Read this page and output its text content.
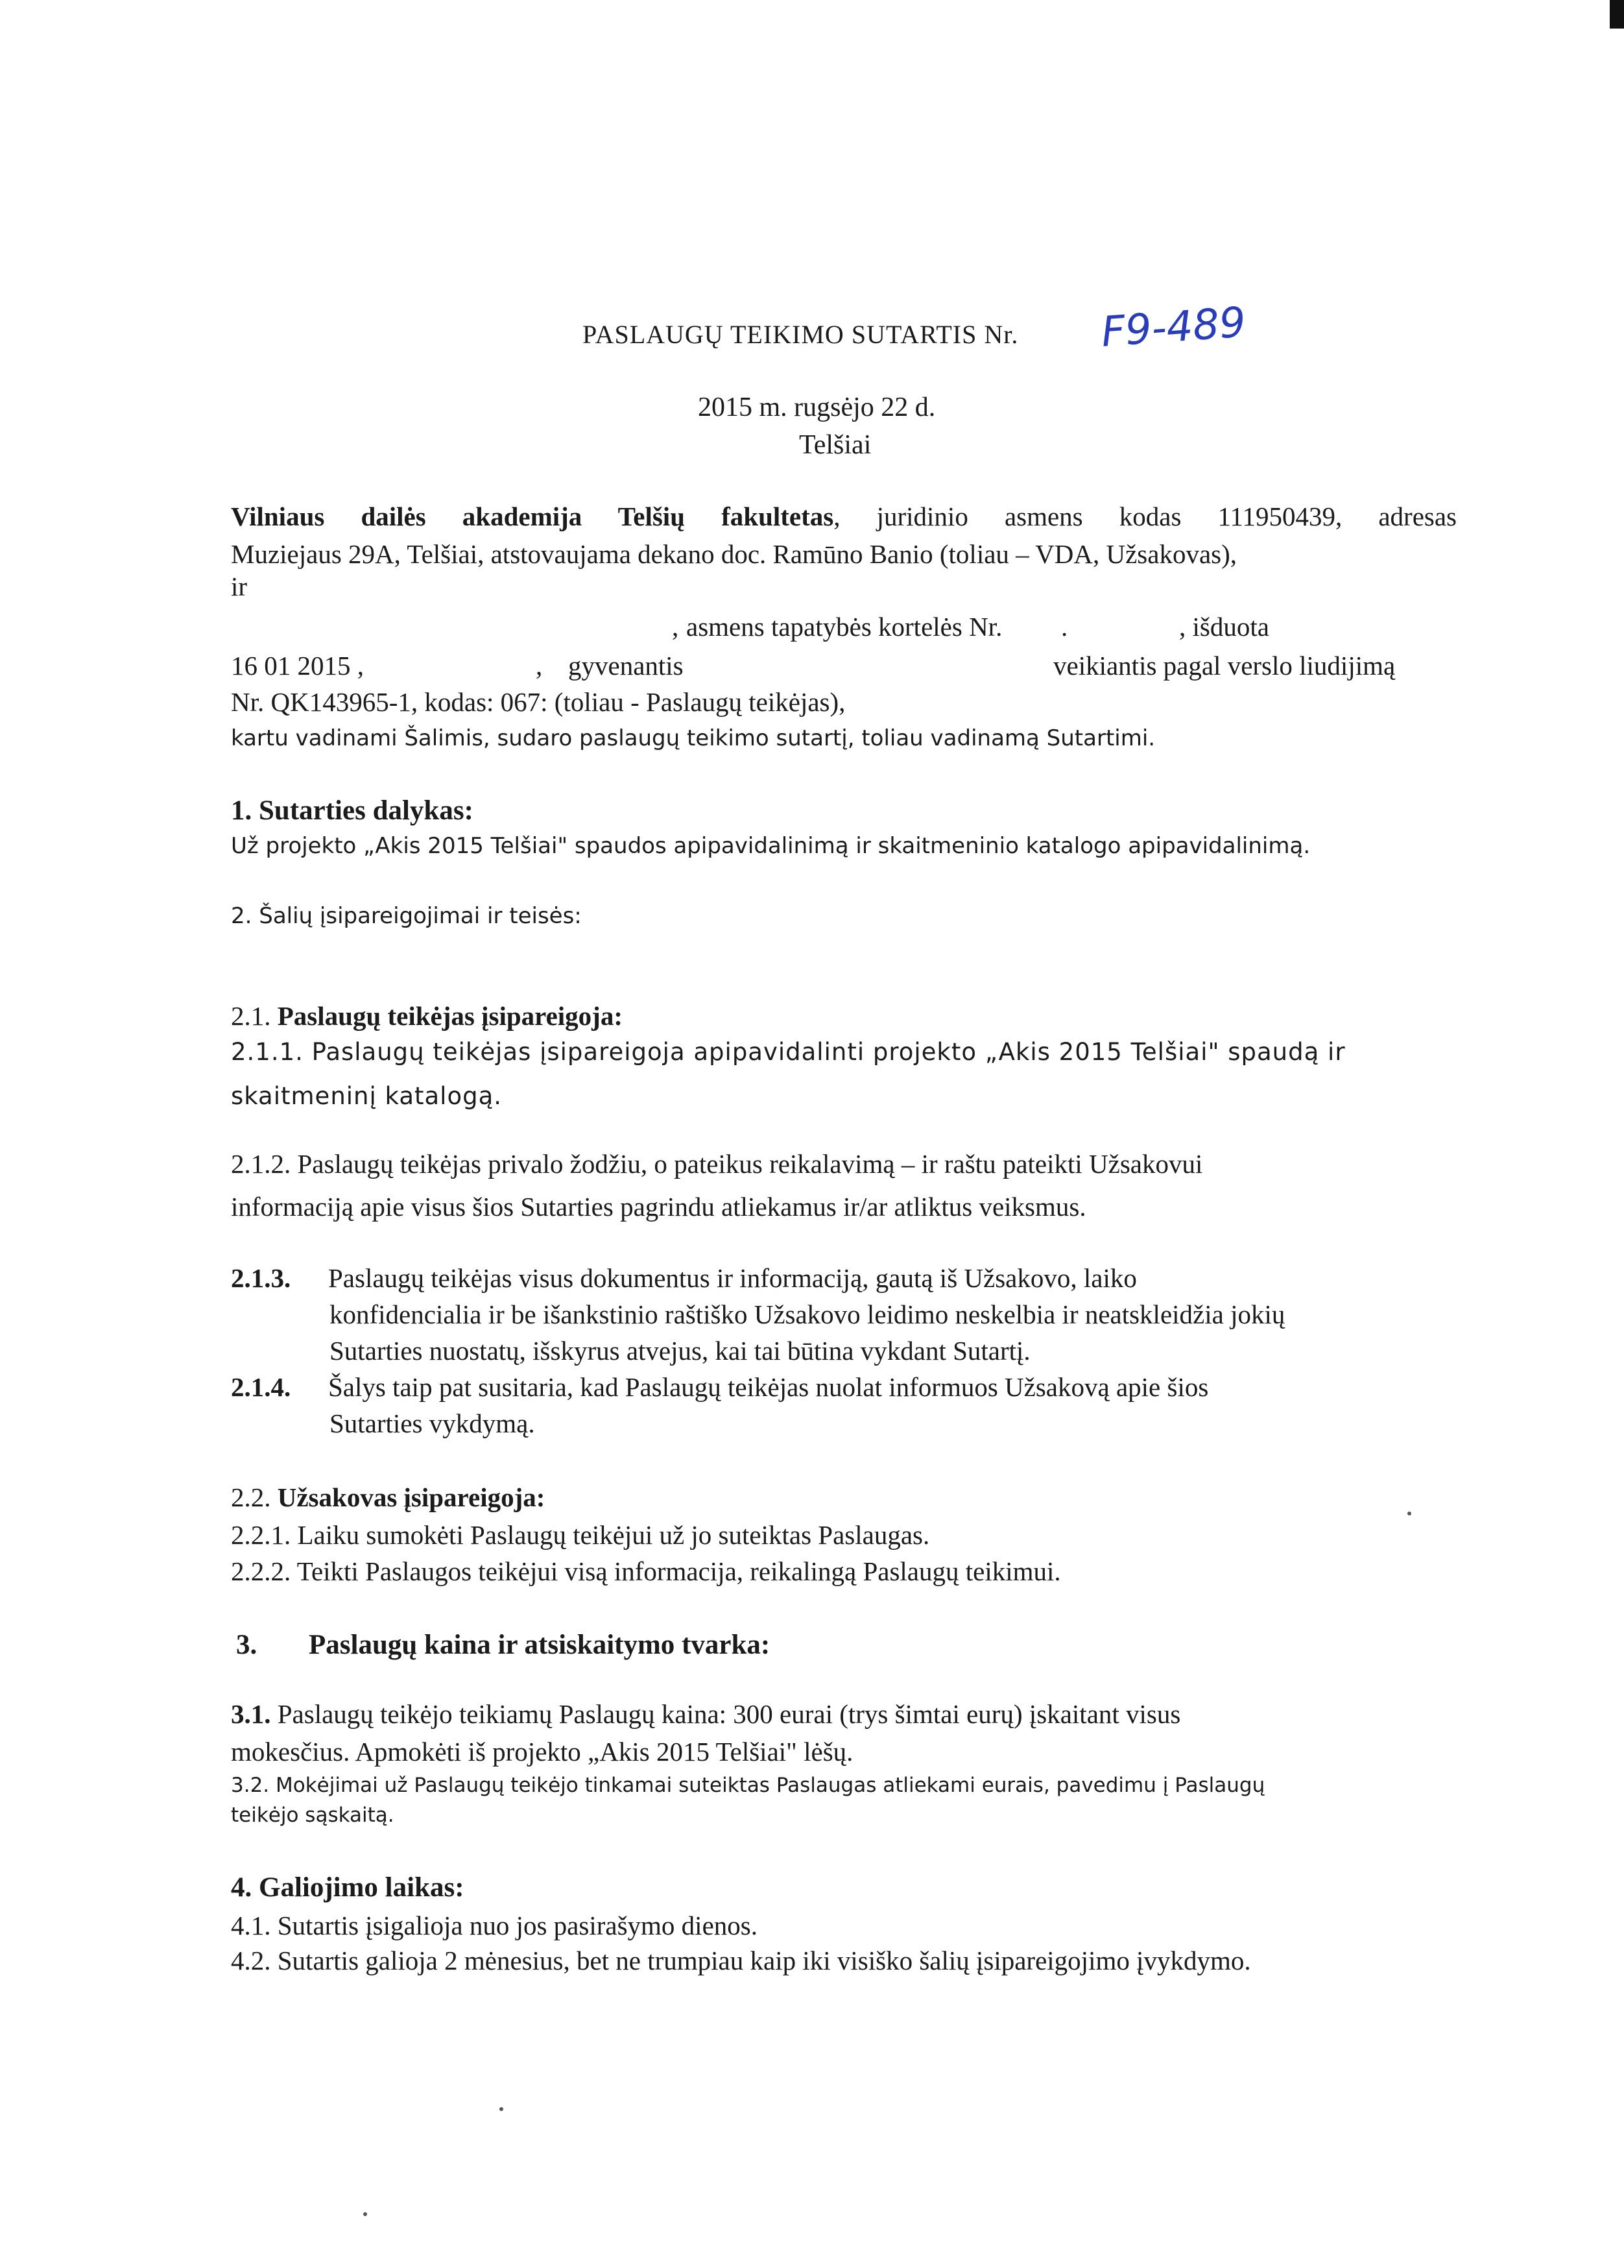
PASLAUGŲ TEIKIMO SUTARTIS Nr. F9-489
2015 m. rugsėjo 22 d.
Telšiai
Vilniaus dailės akademija Telšių fakultetas, juridinio asmens kodas 111950439, adresas
Muziejaus 29A, Telšiai, atstovaujama dekano doc. Ramūno Banio (toliau – VDA, Užsakovas),
ir
, asmens tapatybės kortelės Nr. .	, išduota
16 01 2015 ,	, gyvenantis	veikiantis pagal verslo liudijimą
Nr. QK143965-1, kodas: 067: (toliau - Paslaugų teikėjas),
kartu vadinami Šalimis, sudaro paslaugų teikimo sutartį, toliau vadinamą Sutartimi.
1. Sutarties dalykas:
Už projekto „Akis 2015 Telšiai" spaudos apipavidalinimą ir skaitmeninio katalogo apipavidalinimą.
2. Šalių įsipareigojimai ir teisės:
2.1. Paslaugų teikėjas įsipareigoja:
2.1.1. Paslaugų teikėjas įsipareigoja apipavidalinti projekto „Akis 2015 Telšiai" spaudą ir
skaitmeninį katalogą.
2.1.2. Paslaugų teikėjas privalo žodžiu, o pateikus reikalavimą – ir raštu pateikti Užsakovui
informaciją apie visus šios Sutarties pagrindu atliekamus ir/ar atliktus veiksmus.
2.1.3. Paslaugų teikėjas visus dokumentus ir informaciją, gautą iš Užsakovo, laiko
konfidencialia ir be išankstinio raštiško Užsakovo leidimo neskelbia ir neatskleidžia jokių
Sutarties nuostatų, išskyrus atvejus, kai tai būtina vykdant Sutartį.
2.1.4. Šalys taip pat susitaria, kad Paslaugų teikėjas nuolat informuos Užsakovą apie šios
Sutarties vykdymą.
2.2. Užsakovas įsipareigoja:
2.2.1. Laiku sumokėti Paslaugų teikėjui už jo suteiktas Paslaugas.
2.2.2. Teikti Paslaugos teikėjui visą informacija, reikalingą Paslaugų teikimui.
3. Paslaugų kaina ir atsiskaitymo tvarka:
3.1. Paslaugų teikėjo teikiamų Paslaugų kaina: 300 eurai (trys šimtai eurų) įskaitant visus
mokesčius. Apmokėti iš projekto „Akis 2015 Telšiai" lėšų.
3.2. Mokėjimai už Paslaugų teikėjo tinkamai suteiktas Paslaugas atliekami eurais, pavedimu į Paslaugų
teikėjo sąskaitą.
4. Galiojimo laikas:
4.1. Sutartis įsigalioja nuo jos pasirašymo dienos.
4.2. Sutartis galioja 2 mėnesius, bet ne trumpiau kaip iki visiško šalių įsipareigojimo įvykdymo.
